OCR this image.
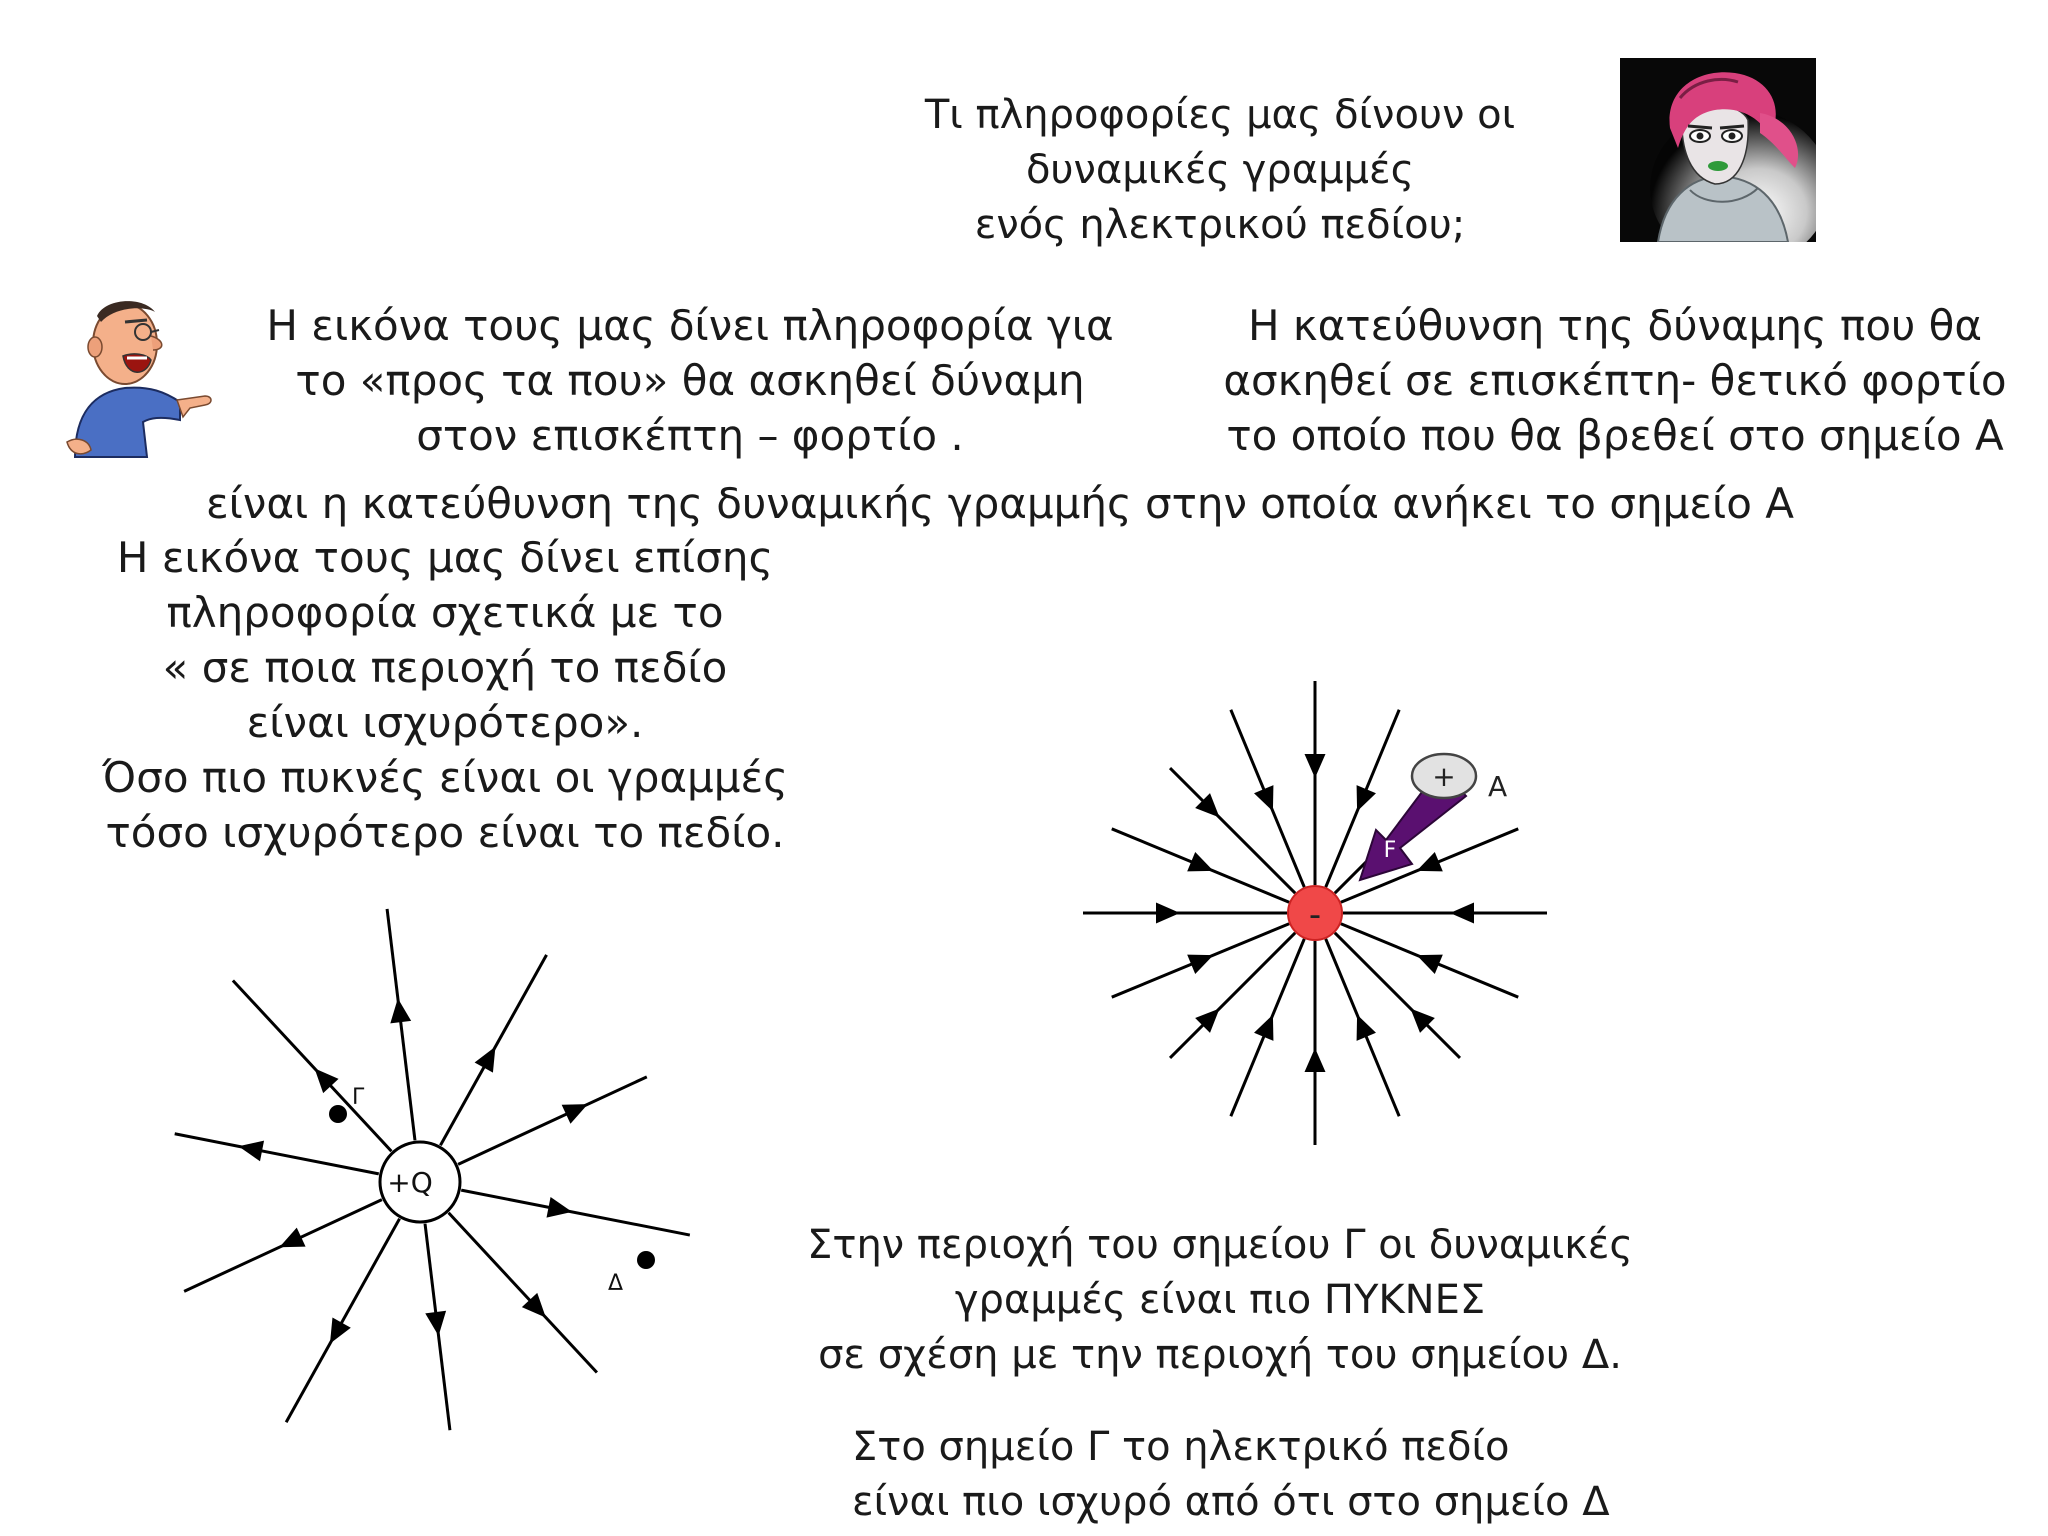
Τι πληροφορίες μας δίνουν οι
δυναμικές γραμμές
ενός ηλεκτρικού πεδίου;
Η εικόνα τους μας δίνει πληροφορία για
το «προς τα που» θα ασκηθεί δύναμη
στον επισκέπτη – φορτίο .
Η κατεύθυνση της δύναμης που θα
ασκηθεί σε επισκέπτη- θετικό φορτίο
το οποίο που θα βρεθεί στο σημείο Α
είναι η κατεύθυνση της δυναμικής γραμμής στην οποία ανήκει το σημείο Α
Η εικόνα τους μας δίνει επίσης
πληροφορία σχετικά με το
« σε ποια περιοχή το πεδίο
είναι ισχυρότερο».
Όσο πιο πυκνές είναι οι γραμμές
τόσο ισχυρότερο είναι το πεδίο.
-
F
+ A
+Q
Γ
Δ
Στην περιοχή του σημείου Γ οι δυναμικές
γραμμές είναι πιο ΠΥΚΝΕΣ
σε σχέση με την περιοχή του σημείου Δ.
Στο σημείο Γ το ηλεκτρικό πεδίο
είναι πιο ισχυρό από ότι στο σημείο Δ
